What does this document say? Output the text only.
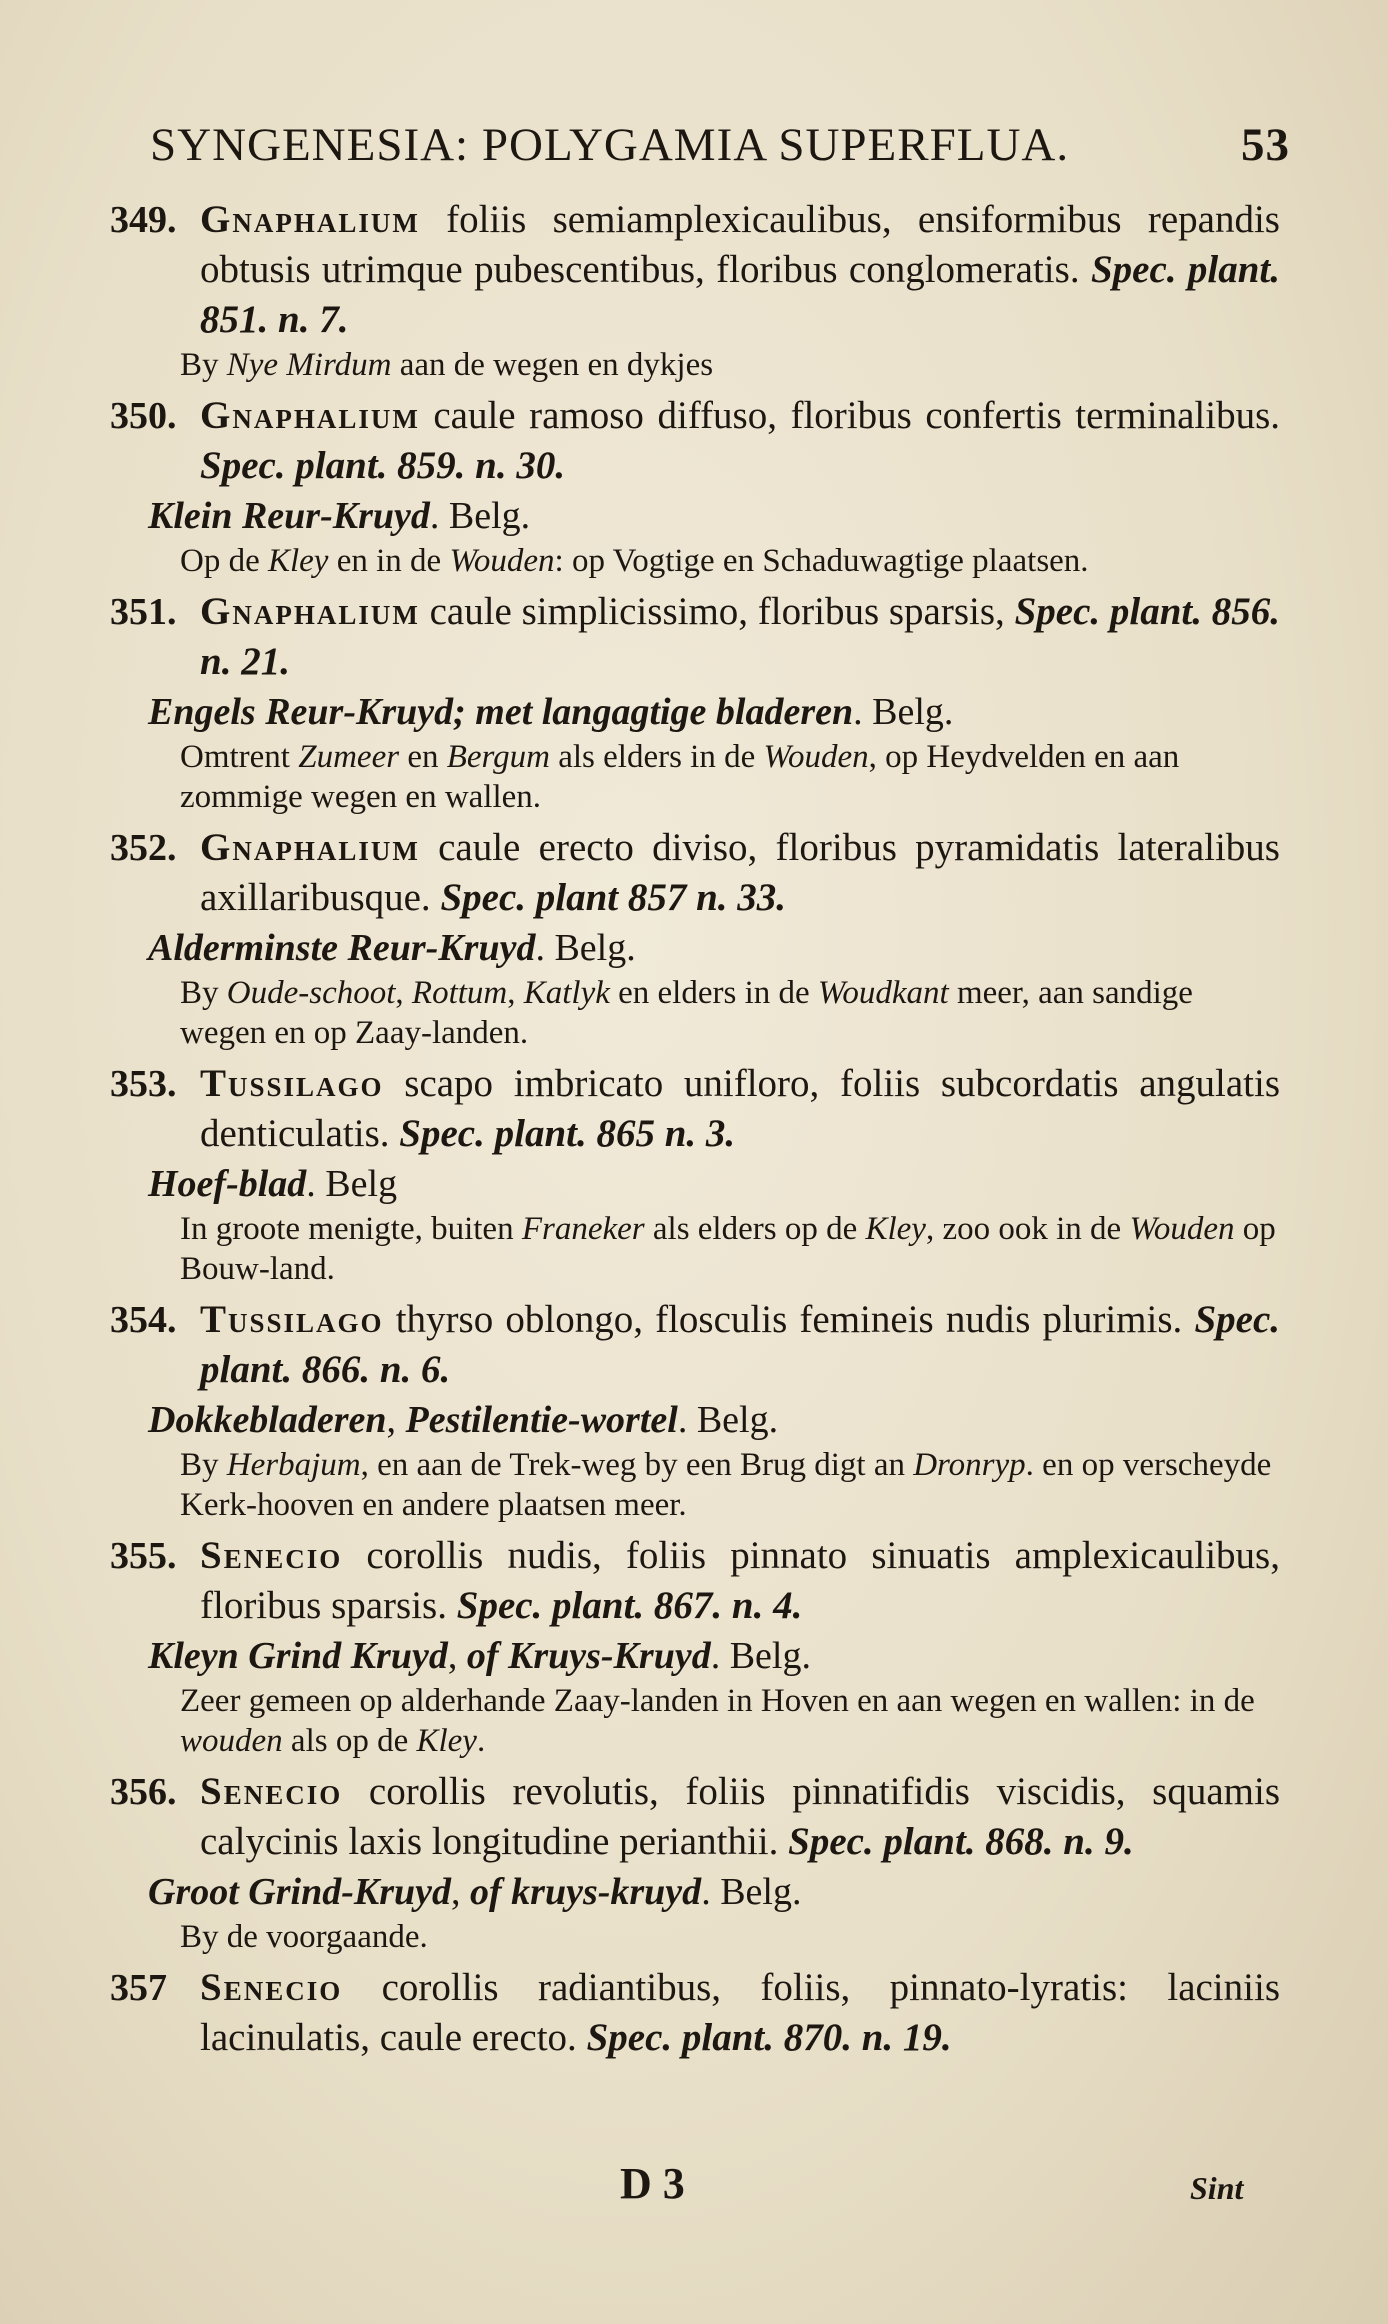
SYNGENESIA: POLYGAMIA SUPERFLUA.	53
349. Gnaphalium foliis semiamplexicaulibus, ensiformibus repandis obtusis utrimque pubescentibus, floribus conglomeratis. Spec. plant. 851. n. 7.
By Nye Mirdum aan de wegen en dykjes
350. Gnaphalium caule ramoso diffuso, floribus confertis terminalibus. Spec. plant. 859. n. 30.
Klein Reur-Kruyd. Belg.
Op de Kley en in de Wouden: op Vogtige en Schaduwagtige plaatsen.
351. Gnaphalium caule simplicissimo, floribus sparsis, Spec. plant. 856. n. 21.
Engels Reur-Kruyd; met langagtige bladeren. Belg.
Omtrent Zumeer en Bergum als elders in de Wouden, op Heydvelden en aan zommige wegen en wallen.
352. Gnaphalium caule erecto diviso, floribus pyramidatis lateralibus axillaribusque. Spec. plant 857 n. 33.
Alderminste Reur-Kruyd. Belg.
By Oude-schoot, Rottum, Katlyk en elders in de Woudkant meer, aan sandige wegen en op Zaay-landen.
353. Tussilago scapo imbricato unifloro, foliis subcordatis angulatis denticulatis. Spec. plant. 865 n. 3.
Hoef-blad. Belg
In groote menigte, buiten Franeker als elders op de Kley, zoo ook in de Wouden op Bouw-land.
354. Tussilago thyrso oblongo, flosculis femineis nudis plurimis. Spec. plant. 866. n. 6.
Dokkebladeren, Pestilentie-wortel. Belg.
By Herbajum, en aan de Trek-weg by een Brug digt an Dronryp. en op verscheyde Kerk-hooven en andere plaatsen meer.
355. Senecio corollis nudis, foliis pinnato sinuatis amplexicaulibus, floribus sparsis. Spec. plant. 867. n. 4.
Kleyn Grind Kruyd, of Kruys-Kruyd. Belg.
Zeer gemeen op alderhande Zaay-landen in Hoven en aan wegen en wallen: in de wouden als op de Kley.
356. Senecio corollis revolutis, foliis pinnatifidis viscidis, squamis calycinis laxis longitudine perianthii. Spec. plant. 868. n. 9.
Groot Grind-Kruyd, of kruys-kruyd. Belg.
By de voorgaande.
357 Senecio corollis radiantibus, foliis, pinnato-lyratis: laciniis lacinulatis, caule erecto. Spec. plant. 870. n. 19.
D 3	Sint
